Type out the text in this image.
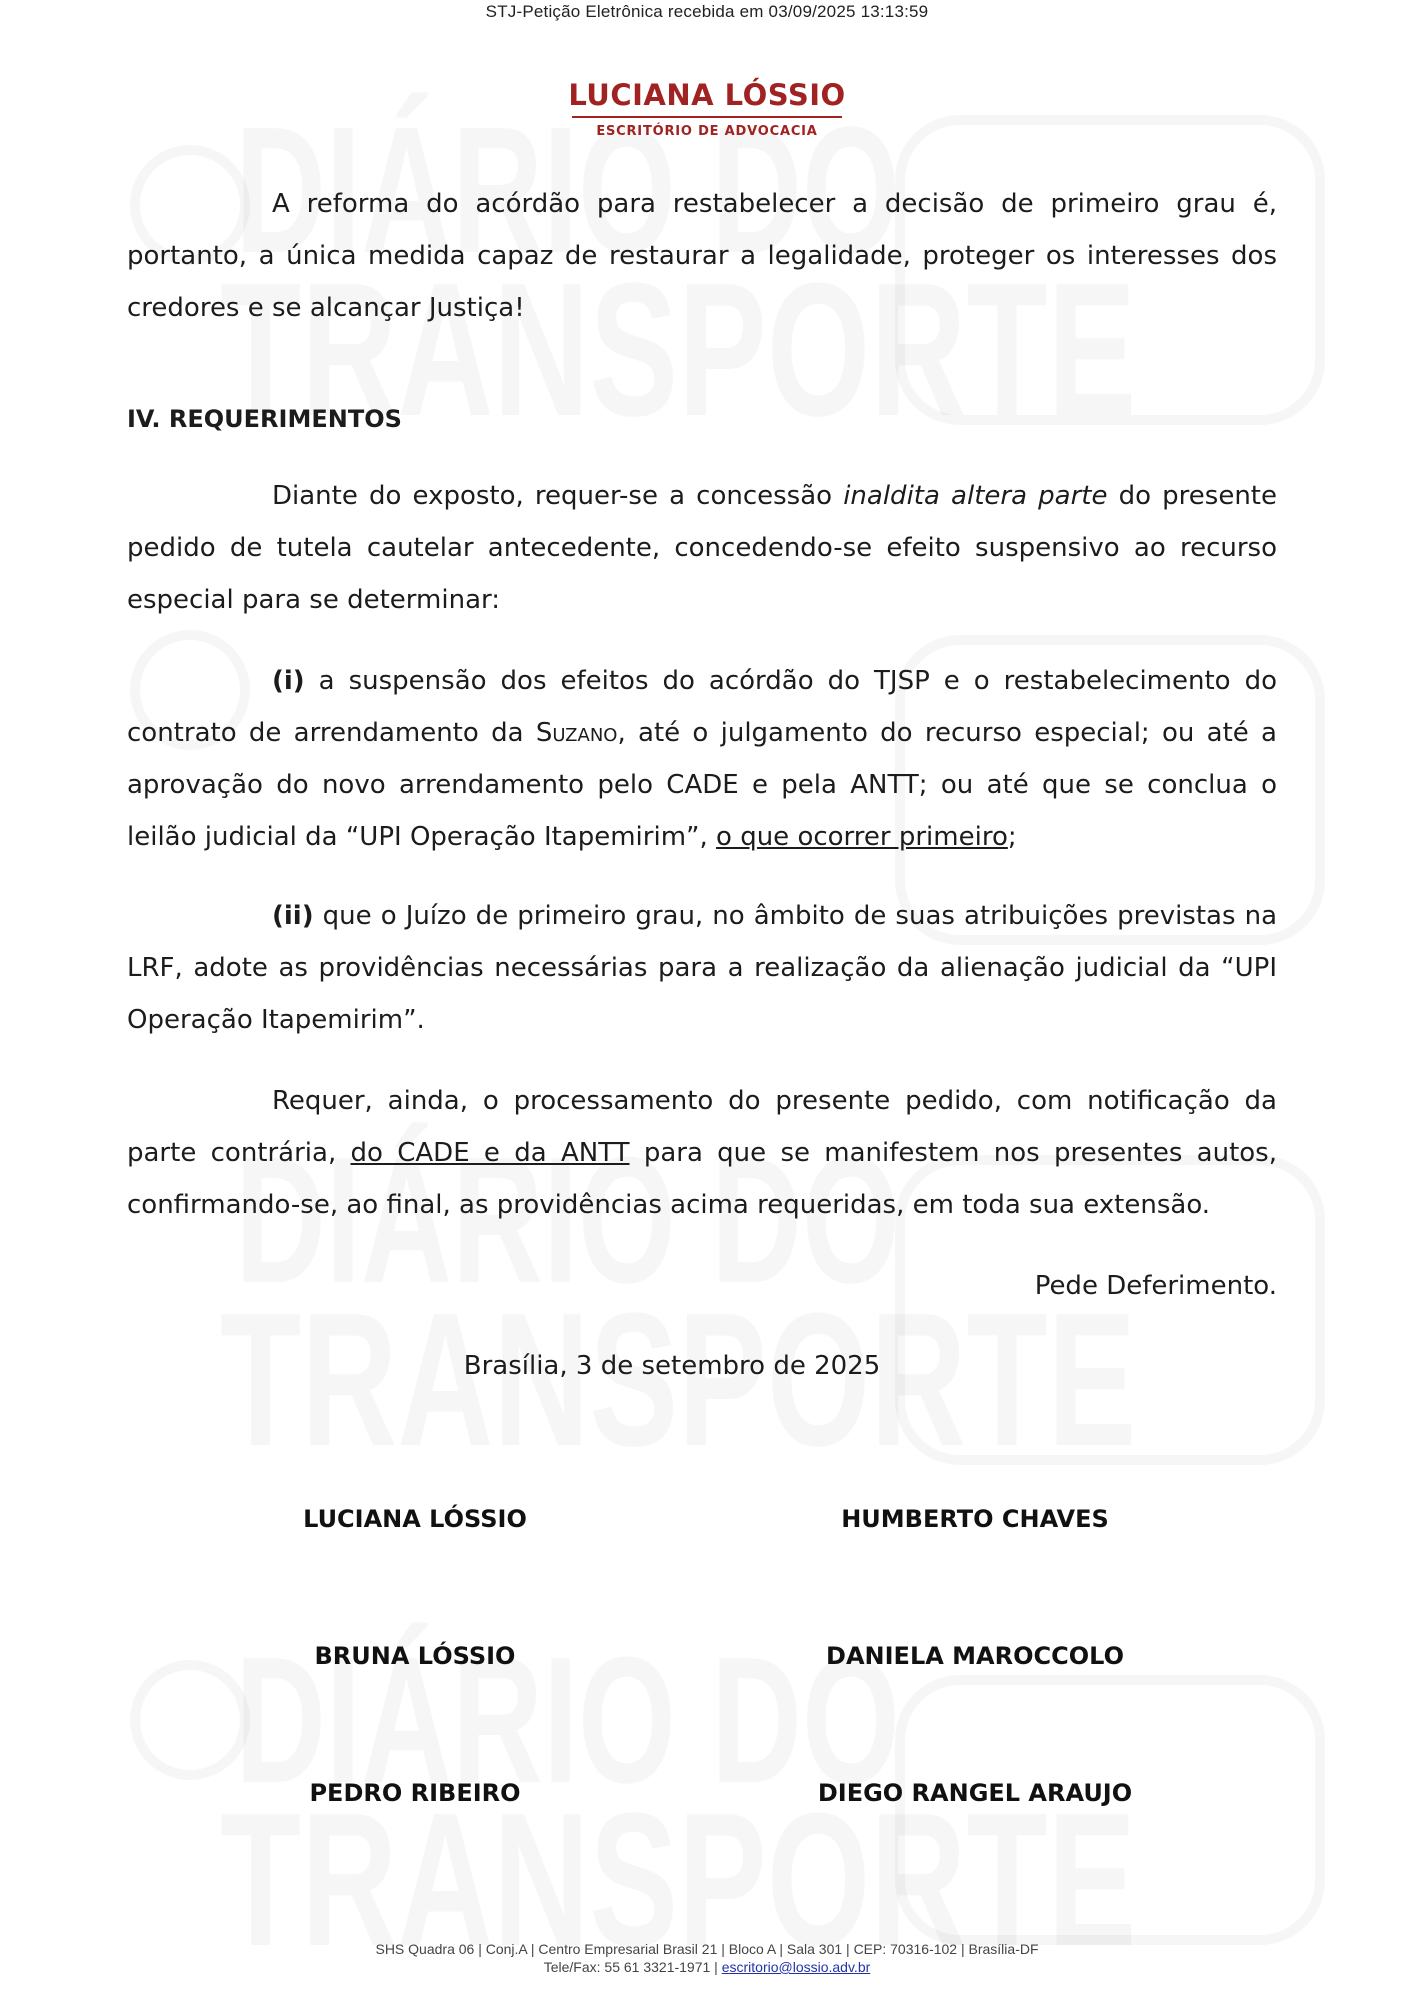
STJ-Petição Eletrônica recebida em 03/09/2025 13:13:59
LUCIANA LÓSSIO
ESCRITÓRIO DE ADVOCACIA

A reforma do acórdão para restabelecer a decisão de primeiro grau é, portanto, a única medida capaz de restaurar a legalidade, proteger os interesses dos credores e se alcançar Justiça!

IV. REQUERIMENTOS

Diante do exposto, requer-se a concessão inaldita altera parte do presente pedido de tutela cautelar antecedente, concedendo-se efeito suspensivo ao recurso especial para se determinar:

(i) a suspensão dos efeitos do acórdão do TJSP e o restabelecimento do contrato de arrendamento da Suzano, até o julgamento do recurso especial; ou até a aprovação do novo arrendamento pelo CADE e pela ANTT; ou até que se conclua o leilão judicial da “UPI Operação Itapemirim”, o que ocorrer primeiro;

(ii) que o Juízo de primeiro grau, no âmbito de suas atribuições previstas na LRF, adote as providências necessárias para a realização da alienação judicial da “UPI Operação Itapemirim”.

Requer, ainda, o processamento do presente pedido, com notificação da parte contrária, do CADE e da ANTT para que se manifestem nos presentes autos, confirmando-se, ao final, as providências acima requeridas, em toda sua extensão.

Pede Deferimento.

Brasília, 3 de setembro de 2025

LUCIANA LÓSSIO	HUMBERTO CHAVES
BRUNA LÓSSIO	DANIELA MAROCCOLO
PEDRO RIBEIRO	DIEGO RANGEL ARAUJO
SHS Quadra 06 | Conj.A | Centro Empresarial Brasil 21 | Bloco A | Sala 301 | CEP: 70316-102 | Brasília-DF
Tele/Fax: 55 61 3321-1971 | escritorio@lossio.adv.br
